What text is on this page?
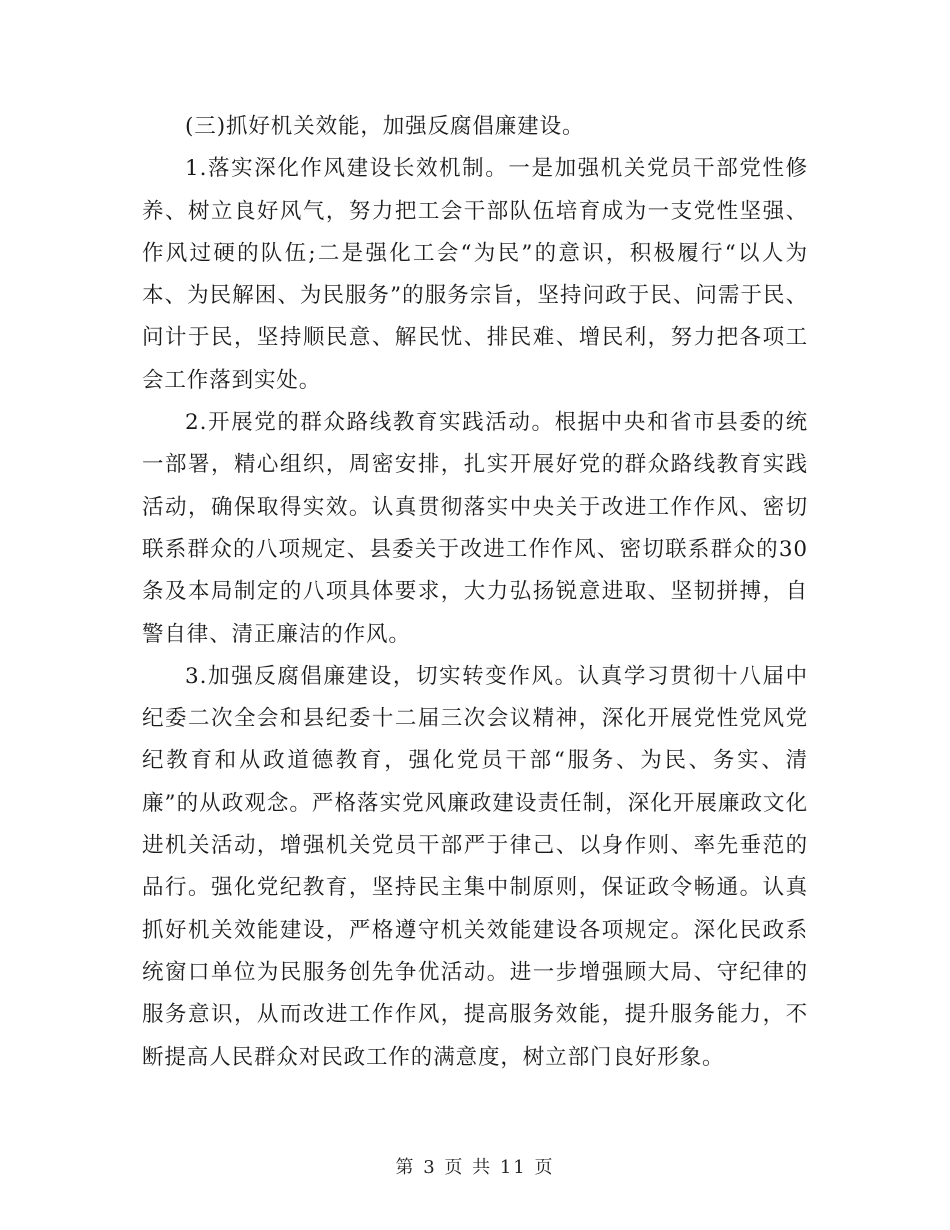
(三)抓好机关效能，加强反腐倡廉建设。

1.落实深化作风建设长效机制。一是加强机关党员干部党性修养、树立良好风气，努力把工会干部队伍培育成为一支党性坚强、作风过硬的队伍;二是强化工会“为民”的意识，积极履行“以人为本、为民解困、为民服务”的服务宗旨，坚持问政于民、问需于民、问计于民，坚持顺民意、解民忧、排民难、增民利，努力把各项工会工作落到实处。

2.开展党的群众路线教育实践活动。根据中央和省市县委的统一部署，精心组织，周密安排，扎实开展好党的群众路线教育实践活动，确保取得实效。认真贯彻落实中央关于改进工作作风、密切联系群众的八项规定、县委关于改进工作作风、密切联系群众的30条及本局制定的八项具体要求，大力弘扬锐意进取、坚韧拼搏，自警自律、清正廉洁的作风。

3.加强反腐倡廉建设，切实转变作风。认真学习贯彻十八届中纪委二次全会和县纪委十二届三次会议精神，深化开展党性党风党纪教育和从政道德教育，强化党员干部“服务、为民、务实、清廉”的从政观念。严格落实党风廉政建设责任制，深化开展廉政文化进机关活动，增强机关党员干部严于律己、以身作则、率先垂范的品行。强化党纪教育，坚持民主集中制原则，保证政令畅通。认真抓好机关效能建设，严格遵守机关效能建设各项规定。深化民政系统窗口单位为民服务创先争优活动。进一步增强顾大局、守纪律的服务意识，从而改进工作作风，提高服务效能，提升服务能力，不断提高人民群众对民政工作的满意度，树立部门良好形象。

第 3 页 共 11 页
